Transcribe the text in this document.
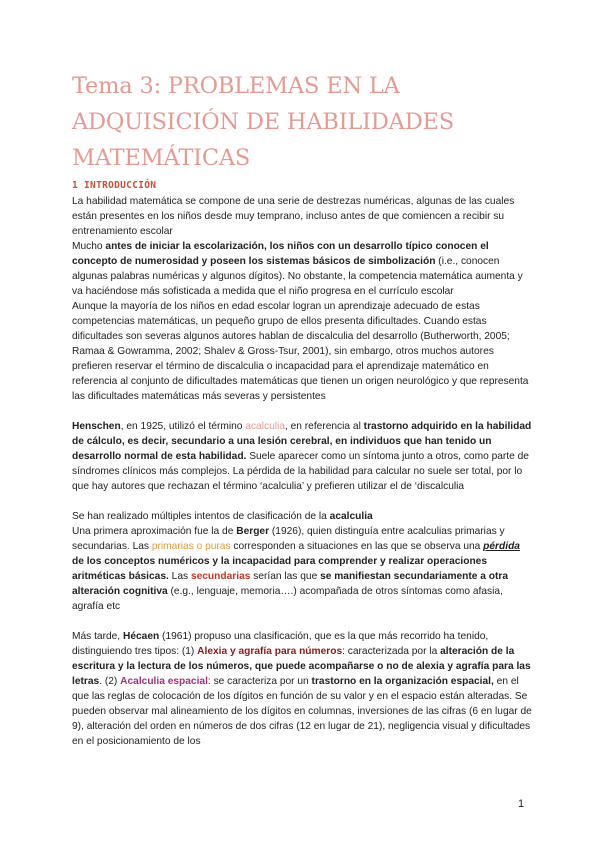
Tema 3: PROBLEMAS EN LA
ADQUISICIÓN DE HABILIDADES
MATEMÁTICAS
1 INTRODUCCIÓN

La habilidad matemática se compone de una serie de destrezas numéricas, algunas de las cuales están presentes en los niños desde muy temprano, incluso antes de que comiencen a recibir su entrenamiento escolar

Mucho antes de iniciar la escolarización, los niños con un desarrollo típico conocen el concepto de numerosidad y poseen los sistemas básicos de simbolización (i.e., conocen algunas palabras numéricas y algunos dígitos). No obstante, la competencia matemática aumenta y va haciéndose más sofisticada a medida que el niño progresa en el currículo escolar

Aunque la mayoría de los niños en edad escolar logran un aprendizaje adecuado de estas competencias matemáticas, un pequeño grupo de ellos presenta dificultades. Cuando estas dificultades son severas algunos autores hablan de discalculia del desarrollo (Butherworth, 2005; Ramaa & Gowramma, 2002; Shalev & Gross-Tsur, 2001), sin embargo, otros muchos autores prefieren reservar el término de discalculia o incapacidad para el aprendizaje matemático en referencia al conjunto de dificultades matemáticas que tienen un origen neurológico y que representa las dificultades matemáticas más severas y persistentes

Henschen, en 1925, utilizó el término acalculia, en referencia al trastorno adquirido en la habilidad de cálculo, es decir, secundario a una lesión cerebral, en individuos que han tenido un desarrollo normal de esta habilidad. Suele aparecer como un síntoma junto a otros, como parte de síndromes clínicos más complejos. La pérdida de la habilidad para calcular no suele ser total, por lo que hay autores que rechazan el término ‘acalculia’ y prefieren utilizar el de ‘discalculia

Se han realizado múltiples intentos de clasificación de la acalculia

Una primera aproximación fue la de Berger (1926), quien distinguía entre acalculias primarias y secundarias. Las primarias o puras corresponden a situaciones en las que se observa una pérdida de los conceptos numéricos y la incapacidad para comprender y realizar operaciones aritméticas básicas. Las secundarias serían las que se manifiestan secundariamente a otra alteración cognitiva (e.g., lenguaje, memoria….) acompañada de otros síntomas como afasia, agrafía etc

Más tarde, Hécaen (1961) propuso una clasificación, que es la que más recorrido ha tenido, distinguiendo tres tipos: (1) Alexia y agrafía para números: caracterizada por la alteración de la escritura y la lectura de los números, que puede acompañarse o no de alexia y agrafía para las letras. (2) Acalculia espacial: se caracteriza por un trastorno en la organización espacial, en el que las reglas de colocación de los dígitos en función de su valor y en el espacio están alteradas. Se pueden observar mal alineamiento de los dígitos en columnas, inversiones de las cifras (6 en lugar de 9), alteración del orden en números de dos cifras (12 en lugar de 21), negligencia visual y dificultades en el posicionamiento de los

1
